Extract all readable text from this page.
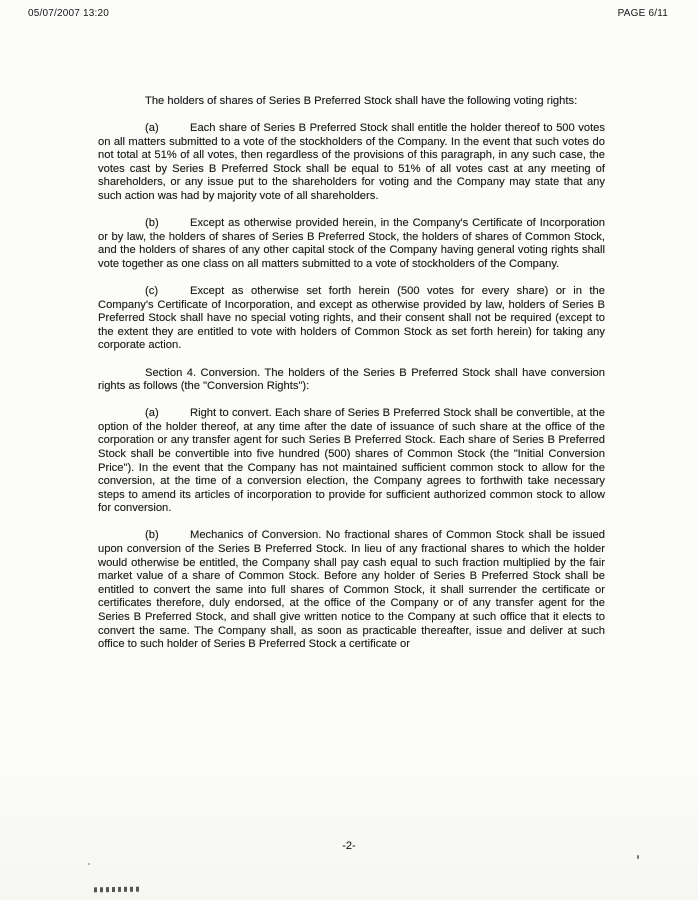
05/07/2007 13:20	PAGE 6/11

The holders of shares of Series B Preferred Stock shall have the following voting rights:

(a)	Each share of Series B Preferred Stock shall entitle the holder thereof to 500 votes on all matters submitted to a vote of the stockholders of the Company. In the event that such votes do not total at 51% of all votes, then regardless of the provisions of this paragraph, in any such case, the votes cast by Series B Preferred Stock shall be equal to 51% of all votes cast at any meeting of shareholders, or any issue put to the shareholders for voting and the Company may state that any such action was had by majority vote of all shareholders.

(b)	Except as otherwise provided herein, in the Company's Certificate of Incorporation or by law, the holders of shares of Series B Preferred Stock, the holders of shares of Common Stock, and the holders of shares of any other capital stock of the Company having general voting rights shall vote together as one class on all matters submitted to a vote of stockholders of the Company.

(c)	Except as otherwise set forth herein (500 votes for every share) or in the Company's Certificate of Incorporation, and except as otherwise provided by law, holders of Series B Preferred Stock shall have no special voting rights, and their consent shall not be required (except to the extent they are entitled to vote with holders of Common Stock as set forth herein) for taking any corporate action.

Section 4. Conversion. The holders of the Series B Preferred Stock shall have conversion rights as follows (the "Conversion Rights"):

(a)	Right to convert. Each share of Series B Preferred Stock shall be convertible, at the option of the holder thereof, at any time after the date of issuance of such share at the office of the corporation or any transfer agent for such Series B Preferred Stock. Each share of Series B Preferred Stock shall be convertible into five hundred (500) shares of Common Stock (the "Initial Conversion Price"). In the event that the Company has not maintained sufficient common stock to allow for the conversion, at the time of a conversion election, the Company agrees to forthwith take necessary steps to amend its articles of incorporation to provide for sufficient authorized common stock to allow for conversion.

(b)	Mechanics of Conversion. No fractional shares of Common Stock shall be issued upon conversion of the Series B Preferred Stock. In lieu of any fractional shares to which the holder would otherwise be entitled, the Company shall pay cash equal to such fraction multiplied by the fair market value of a share of Common Stock. Before any holder of Series B Preferred Stock shall be entitled to convert the same into full shares of Common Stock, it shall surrender the certificate or certificates therefore, duly endorsed, at the office of the Company or of any transfer agent for the Series B Preferred Stock, and shall give written notice to the Company at such office that it elects to convert the same. The Company shall, as soon as practicable thereafter, issue and deliver at such office to such holder of Series B Preferred Stock a certificate or

-2-
